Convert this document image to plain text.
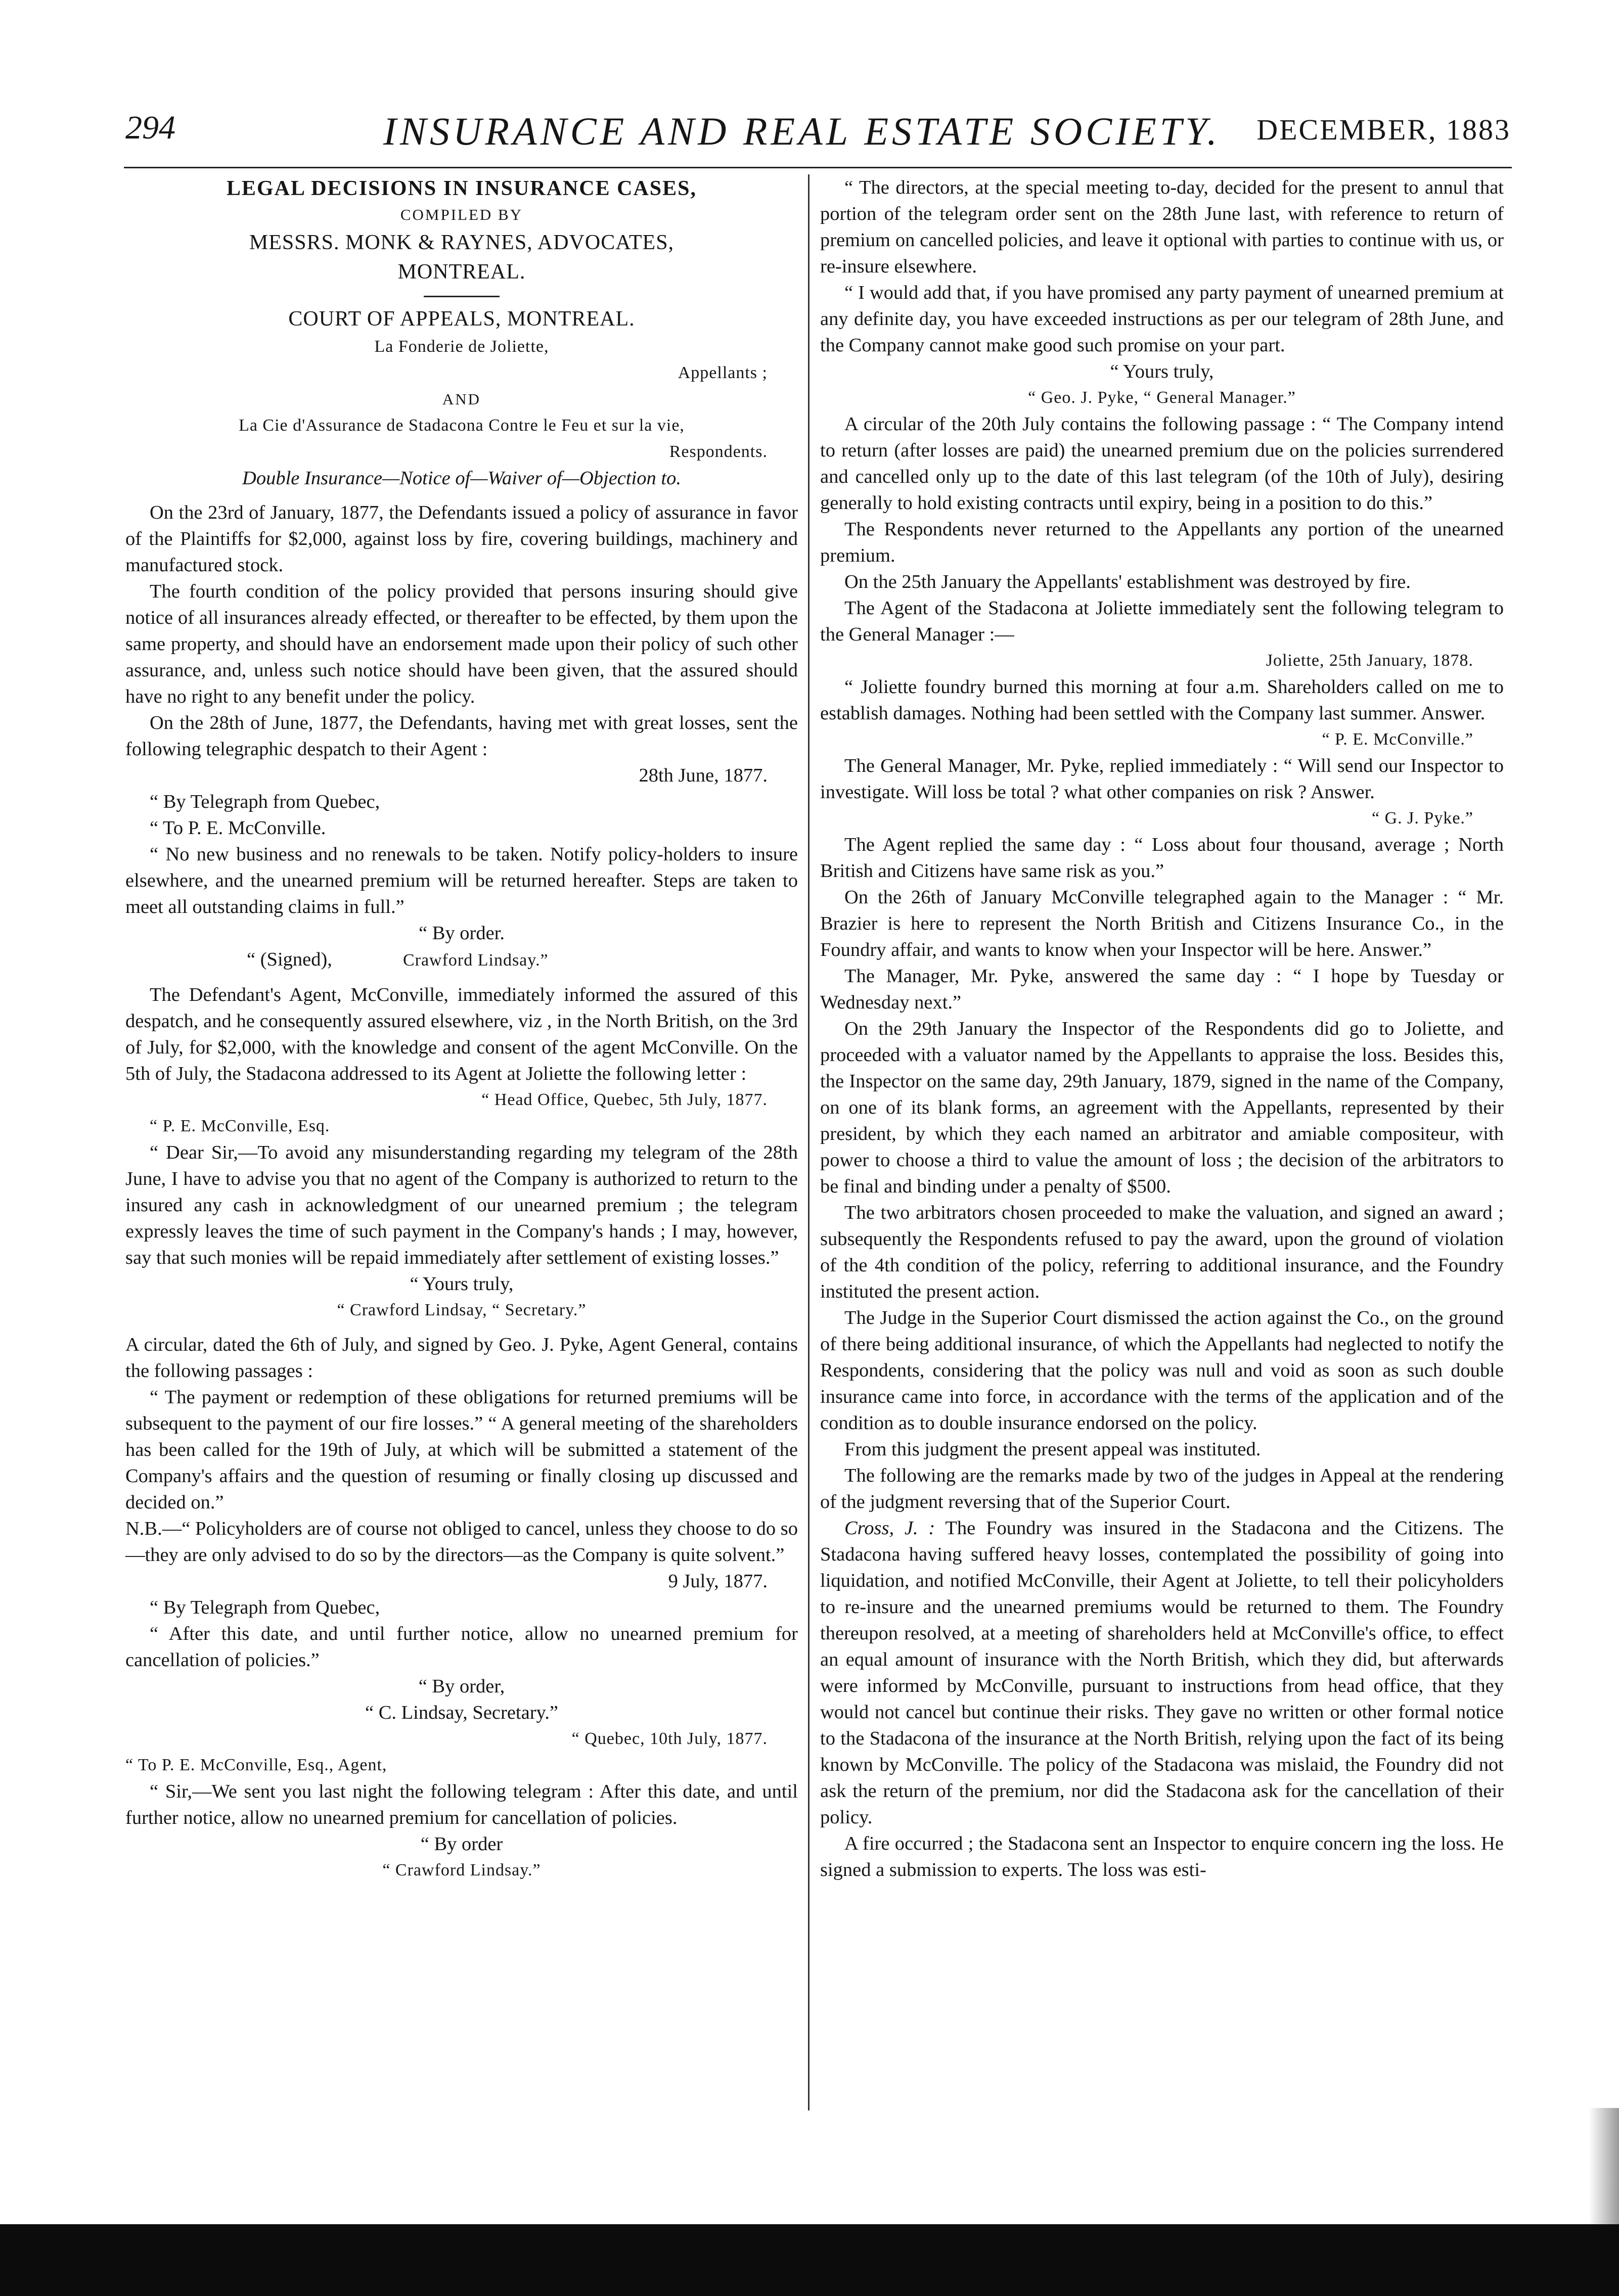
294	INSURANCE AND REAL ESTATE SOCIETY. DECEMBER, 1883

LEGAL DECISIONS IN INSURANCE CASES,

COMPILED BY

MESSRS. MONK & RAYNES, ADVOCATES,

MONTREAL.

COURT OF APPEALS, MONTREAL.

La Fonderie de Joliette,

Appellants ;

AND

La Cie d'Assurance de Stadacona Contre le Feu et sur la vie,

Respondents.

Double Insurance—Notice of—Waiver of—Objection to.

On the 23rd of January, 1877, the Defendants issued a policy of assurance in favor of the Plaintiffs for $2,000, against loss by fire, covering buildings, machinery and manufactured stock.

The fourth condition of the policy provided that persons insuring should give notice of all insurances already effected, or thereafter to be effected, by them upon the same property, and should have an endorsement made upon their policy of such other assurance, and, unless such notice should have been given, that the assured should have no right to any benefit under the policy.

On the 28th of June, 1877, the Defendants, having met with great losses, sent the following telegraphic despatch to their Agent :

28th June, 1877.

“ By Telegraph from Quebec,

“ To P. E. McConville.

“ No new business and no renewals to be taken. Notify policy-holders to insure elsewhere, and the unearned premium will be returned hereafter. Steps are taken to meet all outstanding claims in full.”

“ By order.

“ (Signed),	Crawford Lindsay.”

The Defendant's Agent, McConville, immediately informed the assured of this despatch, and he consequently assured elsewhere, viz , in the North British, on the 3rd of July, for $2,000, with the knowledge and consent of the agent McConville. On the 5th of July, the Stadacona addressed to its Agent at Joliette the following letter :

“ Head Office, Quebec, 5th July, 1877.

“ P. E. McConville, Esq.

“ Dear Sir,—To avoid any misunderstanding regarding my telegram of the 28th June, I have to advise you that no agent of the Company is authorized to return to the insured any cash in acknowledgment of our unearned premium ; the telegram expressly leaves the time of such payment in the Company's hands ; I may, however, say that such monies will be repaid immediately after settlement of existing losses.”

“ Yours truly,

“ Crawford Lindsay, “ Secretary.”

A circular, dated the 6th of July, and signed by Geo. J. Pyke, Agent General, contains the following passages :

“ The payment or redemption of these obligations for returned premiums will be subsequent to the payment of our fire losses.” “ A general meeting of the shareholders has been called for the 19th of July, at which will be submitted a statement of the Company's affairs and the question of resuming or finally closing up discussed and decided on.”

N.B.—“ Policyholders are of course not obliged to cancel, unless they choose to do so—they are only advised to do so by the directors—as the Company is quite solvent.”

9 July, 1877.

“ By Telegraph from Quebec,

“ After this date, and until further notice, allow no unearned premium for cancellation of policies.”

“ By order,

“ C. Lindsay, Secretary.”

“ Quebec, 10th July, 1877.

“ To P. E. McConville, Esq., Agent,

“ Sir,—We sent you last night the following telegram : After this date, and until further notice, allow no unearned premium for cancellation of policies.

“ By order

“ Crawford Lindsay.”

“ The directors, at the special meeting to-day, decided for the present to annul that portion of the telegram order sent on the 28th June last, with reference to return of premium on cancelled policies, and leave it optional with parties to continue with us, or re-insure elsewhere.

“ I would add that, if you have promised any party payment of unearned premium at any definite day, you have exceeded instructions as per our telegram of 28th June, and the Company cannot make good such promise on your part.

“ Yours truly,

“ Geo. J. Pyke, “ General Manager.”

A circular of the 20th July contains the following passage : “ The Company intend to return (after losses are paid) the unearned premium due on the policies surrendered and cancelled only up to the date of this last telegram (of the 10th of July), desiring generally to hold existing contracts until expiry, being in a position to do this.”

The Respondents never returned to the Appellants any portion of the unearned premium.

On the 25th January the Appellants' establishment was destroyed by fire.

The Agent of the Stadacona at Joliette immediately sent the following telegram to the General Manager :—

Joliette, 25th January, 1878.

“ Joliette foundry burned this morning at four a.m. Shareholders called on me to establish damages. Nothing had been settled with the Company last summer. Answer.

“ P. E. McConville.”

The General Manager, Mr. Pyke, replied immediately : “ Will send our Inspector to investigate. Will loss be total ? what other companies on risk ? Answer.

“ G. J. Pyke.”

The Agent replied the same day : “ Loss about four thousand, average ; North British and Citizens have same risk as you.”

On the 26th of January McConville telegraphed again to the Manager : “ Mr. Brazier is here to represent the North British and Citizens Insurance Co., in the Foundry affair, and wants to know when your Inspector will be here. Answer.”

The Manager, Mr. Pyke, answered the same day : “ I hope by Tuesday or Wednesday next.”

On the 29th January the Inspector of the Respondents did go to Joliette, and proceeded with a valuator named by the Appellants to appraise the loss. Besides this, the Inspector on the same day, 29th January, 1879, signed in the name of the Company, on one of its blank forms, an agreement with the Appellants, represented by their president, by which they each named an arbitrator and amiable compositeur, with power to choose a third to value the amount of loss ; the decision of the arbitrators to be final and binding under a penalty of $500.

The two arbitrators chosen proceeded to make the valuation, and signed an award ; subsequently the Respondents refused to pay the award, upon the ground of violation of the 4th condition of the policy, referring to additional insurance, and the Foundry instituted the present action.

The Judge in the Superior Court dismissed the action against the Co., on the ground of there being additional insurance, of which the Appellants had neglected to notify the Respondents, considering that the policy was null and void as soon as such double insurance came into force, in accordance with the terms of the application and of the condition as to double insurance endorsed on the policy.

From this judgment the present appeal was instituted.

The following are the remarks made by two of the judges in Appeal at the rendering of the judgment reversing that of the Superior Court.

Cross, J. : The Foundry was insured in the Stadacona and the Citizens. The Stadacona having suffered heavy losses, contemplated the possibility of going into liquidation, and notified McConville, their Agent at Joliette, to tell their policyholders to re-insure and the unearned premiums would be returned to them. The Foundry thereupon resolved, at a meeting of shareholders held at McConville's office, to effect an equal amount of insurance with the North British, which they did, but afterwards were informed by McConville, pursuant to instructions from head office, that they would not cancel but continue their risks. They gave no written or other formal notice to the Stadacona of the insurance at the North British, relying upon the fact of its being known by McConville. The policy of the Stadacona was mislaid, the Foundry did not ask the return of the premium, nor did the Stadacona ask for the cancellation of their policy.

A fire occurred ; the Stadacona sent an Inspector to enquire concern ing the loss. He signed a submission to experts. The loss was esti-
